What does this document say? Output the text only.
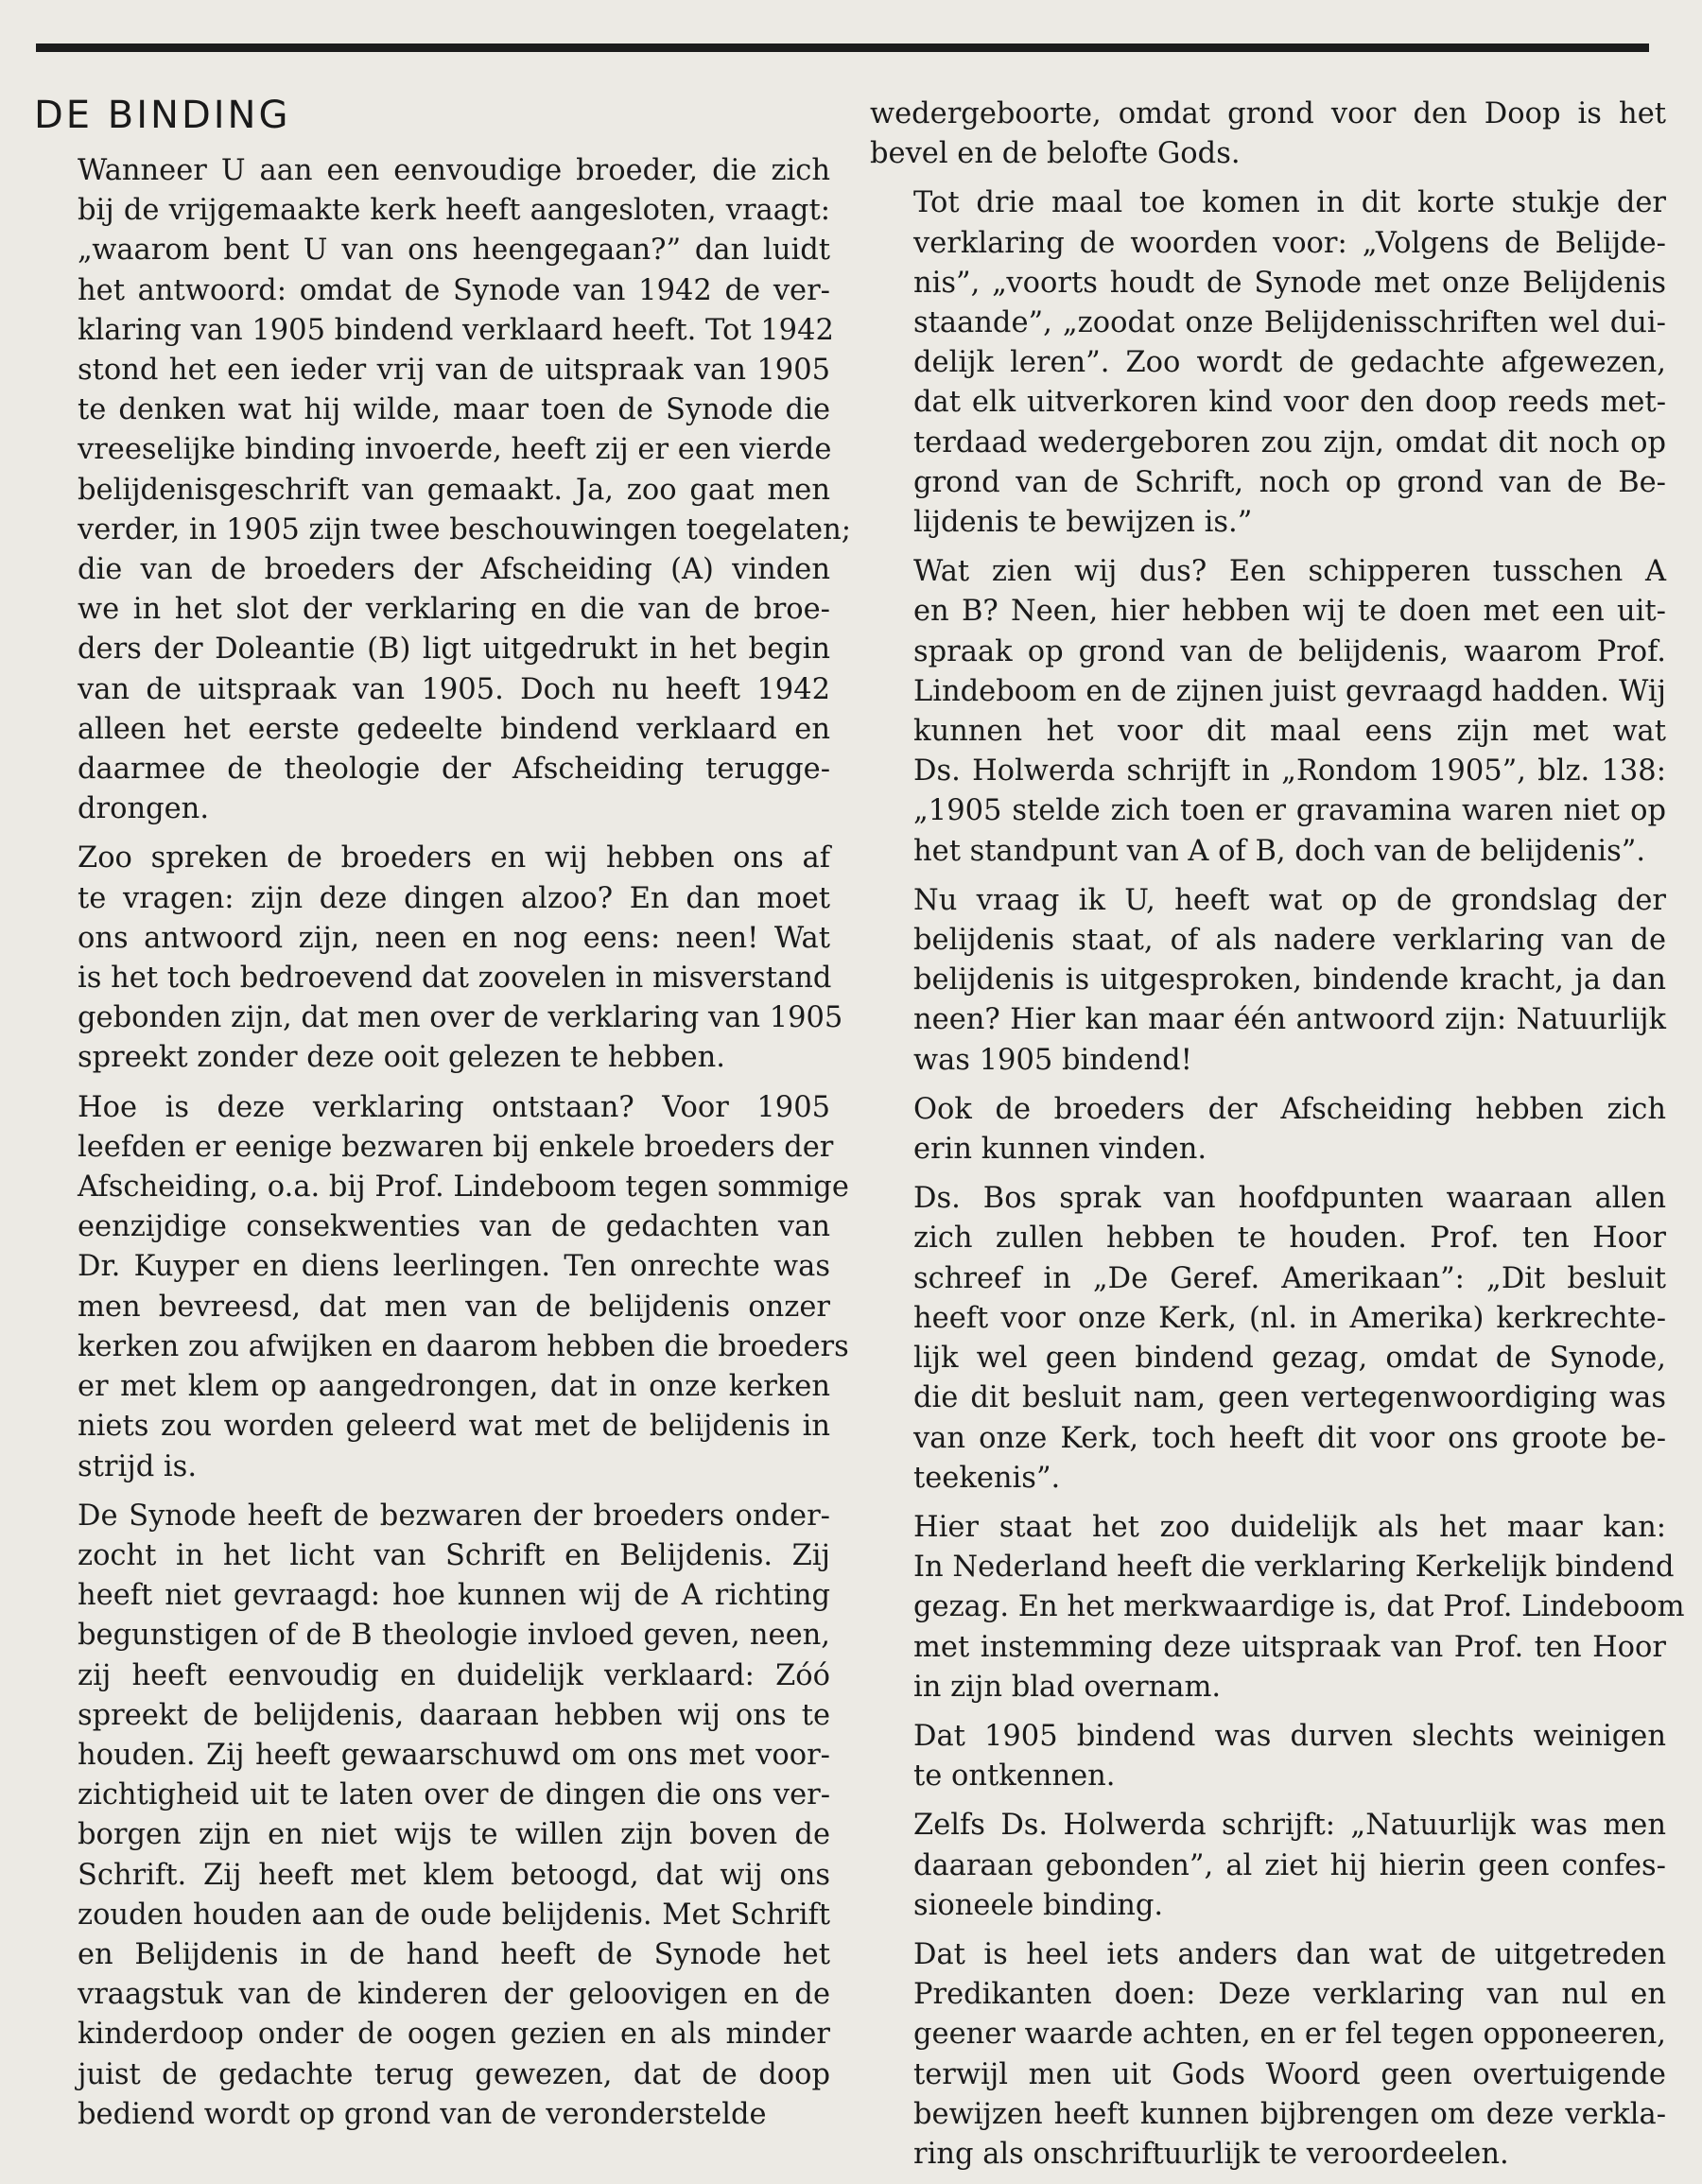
DE BINDING

Wanneer U aan een eenvoudige broeder, die zich
bij de vrijgemaakte kerk heeft aangesloten, vraagt:
„waarom bent U van ons heengegaan?” dan luidt
het antwoord: omdat de Synode van 1942 de ver-
klaring van 1905 bindend verklaard heeft. Tot 1942
stond het een ieder vrij van de uitspraak van 1905
te denken wat hij wilde, maar toen de Synode die
vreeselijke binding invoerde, heeft zij er een vierde
belijdenisgeschrift van gemaakt. Ja, zoo gaat men
verder, in 1905 zijn twee beschouwingen toegelaten;
die van de broeders der Afscheiding (A) vinden
we in het slot der verklaring en die van de broe-
ders der Doleantie (B) ligt uitgedrukt in het begin
van de uitspraak van 1905. Doch nu heeft 1942
alleen het eerste gedeelte bindend verklaard en
daarmee de theologie der Afscheiding terugge-
drongen.

Zoo spreken de broeders en wij hebben ons af
te vragen: zijn deze dingen alzoo? En dan moet
ons antwoord zijn, neen en nog eens: neen! Wat
is het toch bedroevend dat zoovelen in misverstand
gebonden zijn, dat men over de verklaring van 1905
spreekt zonder deze ooit gelezen te hebben.

Hoe is deze verklaring ontstaan? Voor 1905
leefden er eenige bezwaren bij enkele broeders der
Afscheiding, o.a. bij Prof. Lindeboom tegen sommige
eenzijdige consekwenties van de gedachten van
Dr. Kuyper en diens leerlingen. Ten onrechte was
men bevreesd, dat men van de belijdenis onzer
kerken zou afwijken en daarom hebben die broeders
er met klem op aangedrongen, dat in onze kerken
niets zou worden geleerd wat met de belijdenis in
strijd is.

De Synode heeft de bezwaren der broeders onder-
zocht in het licht van Schrift en Belijdenis. Zij
heeft niet gevraagd: hoe kunnen wij de A richting
begunstigen of de B theologie invloed geven, neen,
zij heeft eenvoudig en duidelijk verklaard: Zóó
spreekt de belijdenis, daaraan hebben wij ons te
houden. Zij heeft gewaarschuwd om ons met voor-
zichtigheid uit te laten over de dingen die ons ver-
borgen zijn en niet wijs te willen zijn boven de
Schrift. Zij heeft met klem betoogd, dat wij ons
zouden houden aan de oude belijdenis. Met Schrift
en Belijdenis in de hand heeft de Synode het
vraagstuk van de kinderen der geloovigen en de
kinderdoop onder de oogen gezien en als minder
juist de gedachte terug gewezen, dat de doop
bediend wordt op grond van de veronderstelde

wedergeboorte, omdat grond voor den Doop is het
bevel en de belofte Gods.

Tot drie maal toe komen in dit korte stukje der
verklaring de woorden voor: „Volgens de Belijde-
nis”, „voorts houdt de Synode met onze Belijdenis
staande”, „zoodat onze Belijdenisschriften wel dui-
delijk leren”. Zoo wordt de gedachte afgewezen,
dat elk uitverkoren kind voor den doop reeds met-
terdaad wedergeboren zou zijn, omdat dit noch op
grond van de Schrift, noch op grond van de Be-
lijdenis te bewijzen is.”

Wat zien wij dus? Een schipperen tusschen A
en B? Neen, hier hebben wij te doen met een uit-
spraak op grond van de belijdenis, waarom Prof.
Lindeboom en de zijnen juist gevraagd hadden. Wij
kunnen het voor dit maal eens zijn met wat
Ds. Holwerda schrijft in „Rondom 1905”, blz. 138:
„1905 stelde zich toen er gravamina waren niet op
het standpunt van A of B, doch van de belijdenis”.

Nu vraag ik U, heeft wat op de grondslag der
belijdenis staat, of als nadere verklaring van de
belijdenis is uitgesproken, bindende kracht, ja dan
neen? Hier kan maar één antwoord zijn: Natuurlijk
was 1905 bindend!

Ook de broeders der Afscheiding hebben zich
erin kunnen vinden.

Ds. Bos sprak van hoofdpunten waaraan allen
zich zullen hebben te houden. Prof. ten Hoor
schreef in „De Geref. Amerikaan”: „Dit besluit
heeft voor onze Kerk, (nl. in Amerika) kerkrechte-
lijk wel geen bindend gezag, omdat de Synode,
die dit besluit nam, geen vertegenwoordiging was
van onze Kerk, toch heeft dit voor ons groote be-
teekenis”.

Hier staat het zoo duidelijk als het maar kan:
In Nederland heeft die verklaring Kerkelijk bindend
gezag. En het merkwaardige is, dat Prof. Lindeboom
met instemming deze uitspraak van Prof. ten Hoor
in zijn blad overnam.

Dat 1905 bindend was durven slechts weinigen
te ontkennen.

Zelfs Ds. Holwerda schrijft: „Natuurlijk was men
daaraan gebonden”, al ziet hij hierin geen confes-
sioneele binding.

Dat is heel iets anders dan wat de uitgetreden
Predikanten doen: Deze verklaring van nul en
geener waarde achten, en er fel tegen opponeeren,
terwijl men uit Gods Woord geen overtuigende
bewijzen heeft kunnen bijbrengen om deze verkla-
ring als onschriftuurlijk te veroordeelen.
